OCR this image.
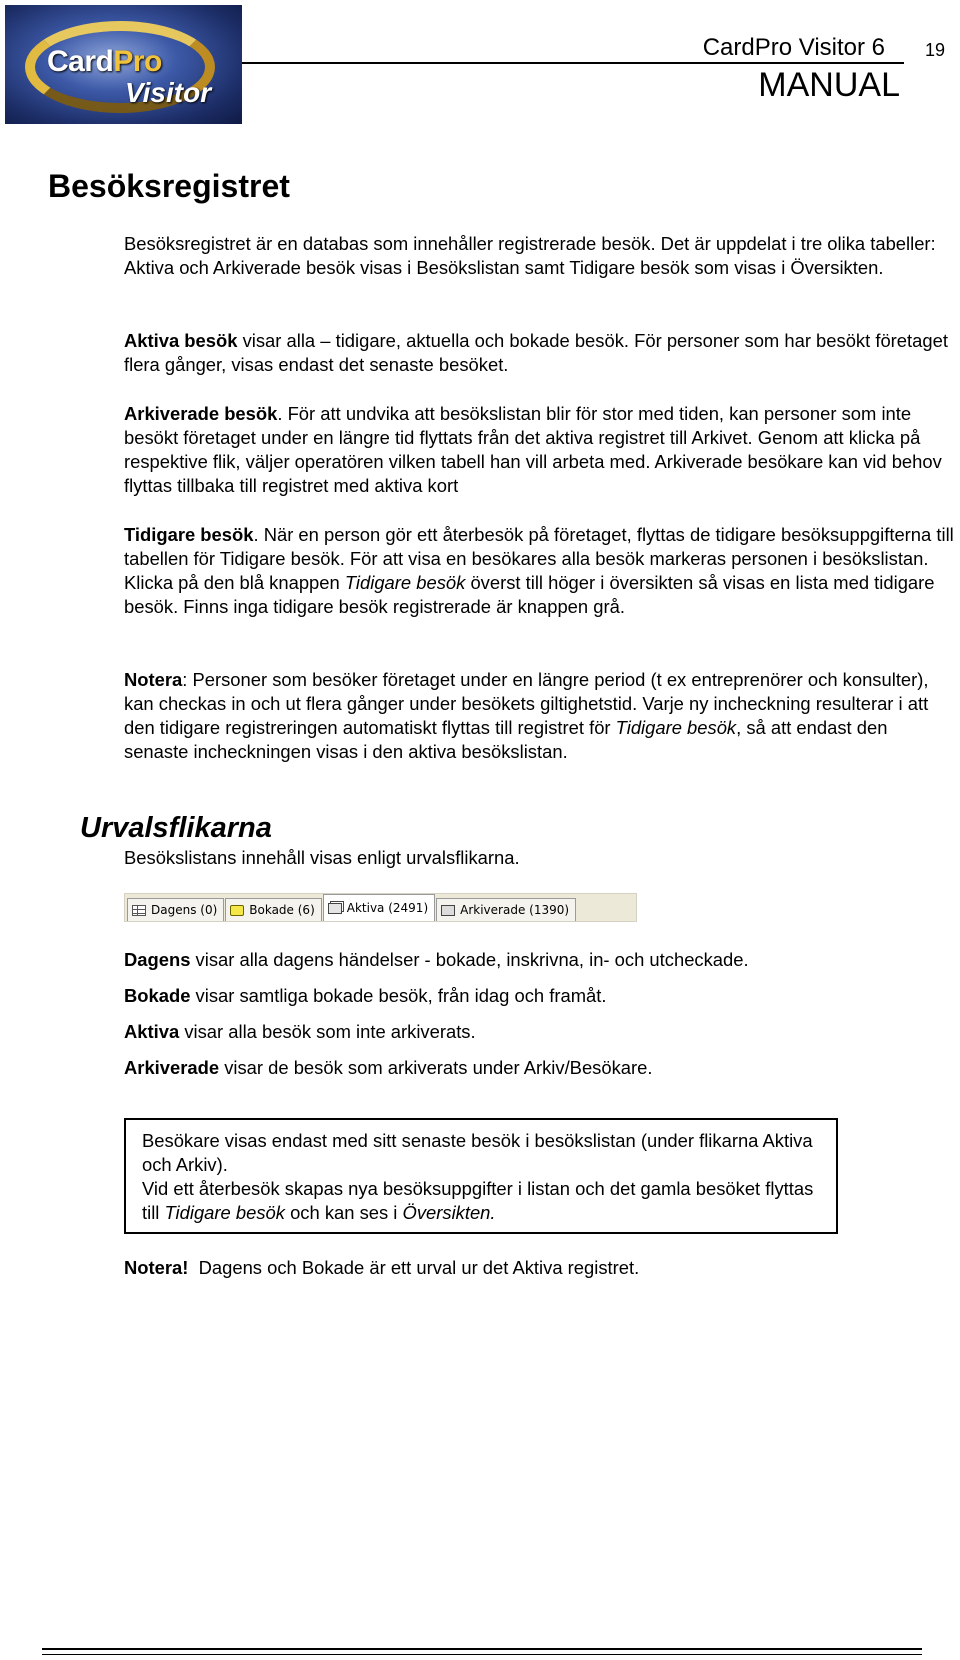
CardPro
Visitor
CardPro Visitor 6 19
MANUAL
Besöksregistret

Besöksregistret är en databas som innehåller registrerade besök. Det är uppdelat i tre olika tabeller: Aktiva och Arkiverade besök visas i Besökslistan samt Tidigare besök som visas i Översikten.

Aktiva besök visar alla – tidigare, aktuella och bokade besök. För personer som har besökt företaget flera gånger, visas endast det senaste besöket.

Arkiverade besök. För att undvika att besökslistan blir för stor med tiden, kan personer som inte besökt företaget under en längre tid flyttats från det aktiva registret till Arkivet. Genom att klicka på respektive flik, väljer operatören vilken tabell han vill arbeta med. Arkiverade besökare kan vid behov flyttas tillbaka till registret med aktiva kort

Tidigare besök. När en person gör ett återbesök på företaget, flyttas de tidigare besöksuppgifterna till tabellen för Tidigare besök. För att visa en besökares alla besök markeras personen i besökslistan. Klicka på den blå knappen Tidigare besök överst till höger i översikten så visas en lista med tidigare besök. Finns inga tidigare besök registrerade är knappen grå.

Notera: Personer som besöker företaget under en längre period (t ex entreprenörer och konsulter), kan checkas in och ut flera gånger under besökets giltighetstid. Varje ny incheckning resulterar i att den tidigare registreringen automatiskt flyttas till registret för Tidigare besök, så att endast den senaste incheckningen visas i den aktiva besökslistan.

Urvalsflikarna

Besökslistans innehåll visas enligt urvalsflikarna.

Dagens (0)	Bokade (6)	Aktiva (2491)	Arkiverade (1390)

Dagens visar alla dagens händelser - bokade, inskrivna, in- och utcheckade.

Bokade visar samtliga bokade besök, från idag och framåt.

Aktiva visar alla besök som inte arkiverats.

Arkiverade visar de besök som arkiverats under Arkiv/Besökare.

Besökare visas endast med sitt senaste besök i besökslistan (under flikarna Aktiva och Arkiv).

Vid ett återbesök skapas nya besöksuppgifter i listan och det gamla besöket flyttas till Tidigare besök och kan ses i Översikten.

Notera!  Dagens och Bokade är ett urval ur det Aktiva registret.
